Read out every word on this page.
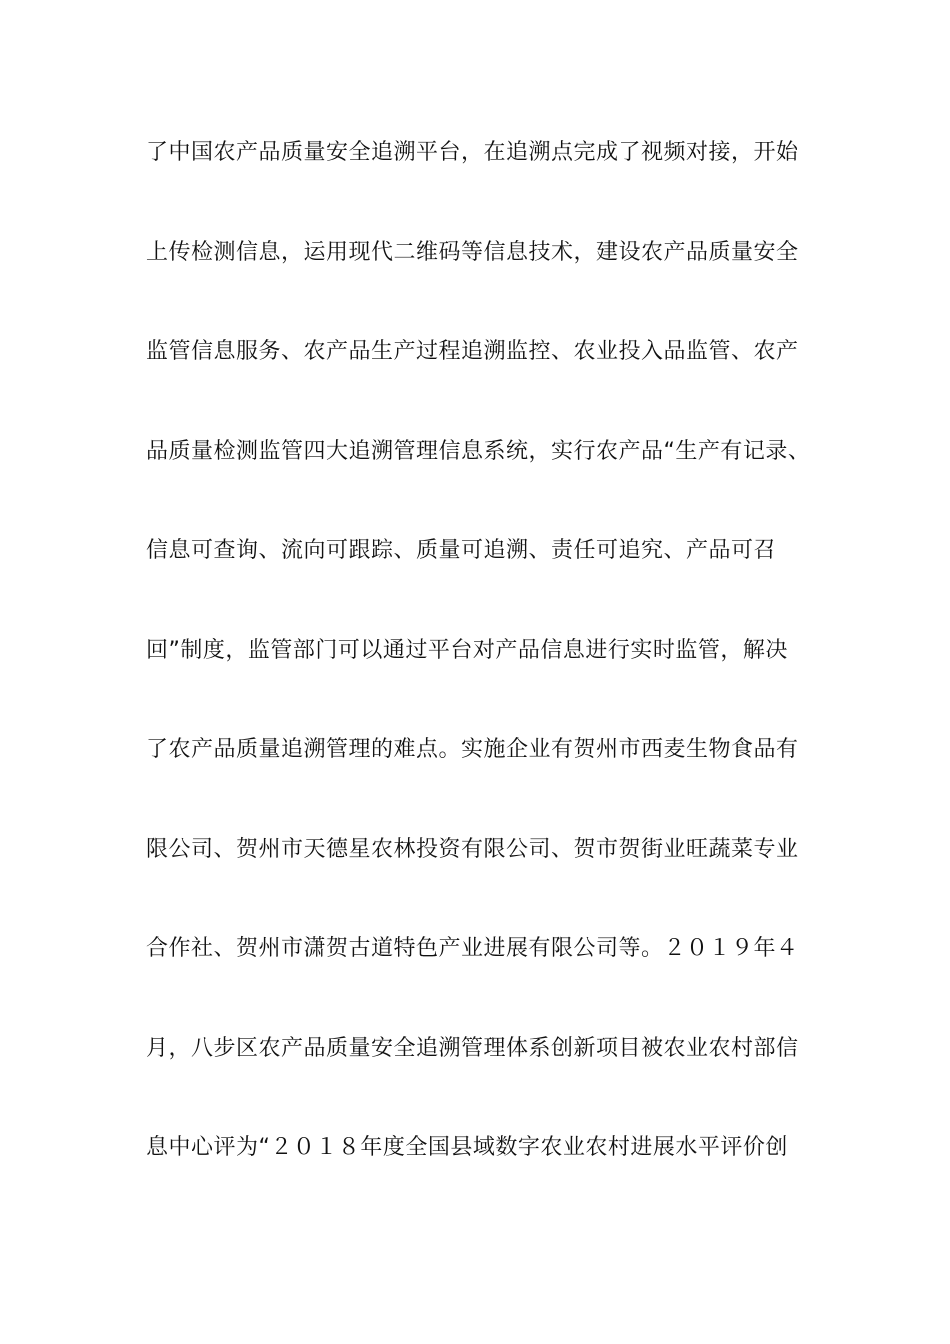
了中国农产品质量安全追溯平台，在追溯点完成了视频对接，开始
上传检测信息，运用现代二维码等信息技术，建设农产品质量安全
监管信息服务、农产品生产过程追溯监控、农业投入品监管、农产
品质量检测监管四大追溯管理信息系统，实行农产品“生产有记录、
信息可查询、流向可跟踪、质量可追溯、责任可追究、产品可召
回”制度，监管部门可以通过平台对产品信息进行实时监管，解决
了农产品质量追溯管理的难点。实施企业有贺州市西麦生物食品有
限公司、贺州市天德星农林投资有限公司、贺市贺街业旺蔬菜专业
合作社、贺州市潇贺古道特色产业进展有限公司等。２０１９年４
月，八步区农产品质量安全追溯管理体系创新项目被农业农村部信
息中心评为“２０１８年度全国县域数字农业农村进展水平评价创
